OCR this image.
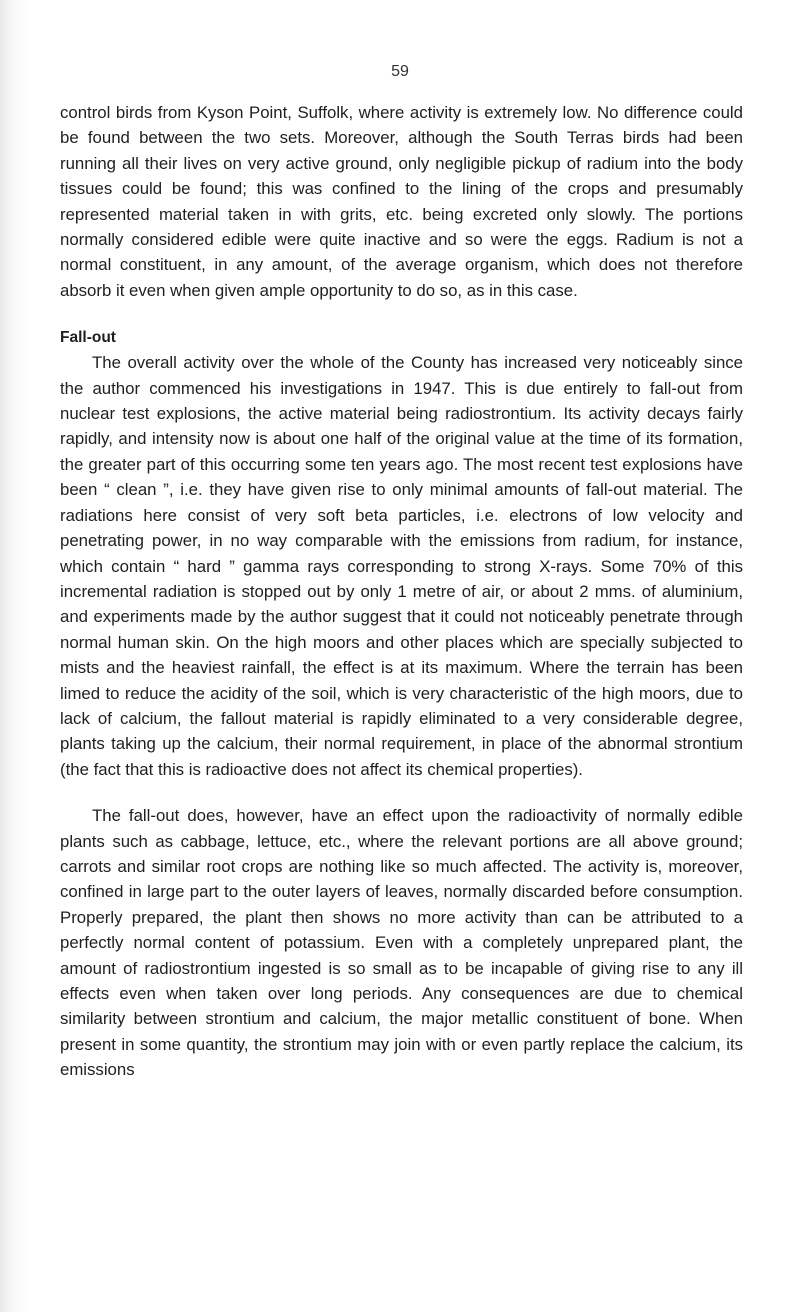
59

control birds from Kyson Point, Suffolk, where activity is extremely low. No difference could be found between the two sets. Moreover, although the South Terras birds had been running all their lives on very active ground, only negligible pickup of radium into the body tissues could be found; this was confined to the lining of the crops and presumably represented material taken in with grits, etc. being excreted only slowly. The portions normally considered edible were quite inactive and so were the eggs. Radium is not a normal constituent, in any amount, of the average organism, which does not therefore absorb it even when given ample opportunity to do so, as in this case.

Fall-out

The overall activity over the whole of the County has increased very noticeably since the author commenced his investigations in 1947. This is due entirely to fall-out from nuclear test explosions, the active material being radiostrontium. Its activity decays fairly rapidly, and intensity now is about one half of the original value at the time of its formation, the greater part of this occurring some ten years ago. The most recent test explosions have been “ clean ”, i.e. they have given rise to only minimal amounts of fall-out material. The radiations here consist of very soft beta particles, i.e. electrons of low velocity and penetrating power, in no way comparable with the emissions from radium, for instance, which contain “ hard ” gamma rays corresponding to strong X-rays. Some 70% of this incremental radiation is stopped out by only 1 metre of air, or about 2 mms. of aluminium, and experiments made by the author suggest that it could not noticeably penetrate through normal human skin. On the high moors and other places which are specially subjected to mists and the heaviest rainfall, the effect is at its maximum. Where the terrain has been limed to reduce the acidity of the soil, which is very characteristic of the high moors, due to lack of calcium, the fallout material is rapidly eliminated to a very considerable degree, plants taking up the calcium, their normal requirement, in place of the abnormal strontium (the fact that this is radioactive does not affect its chemical properties).

The fall-out does, however, have an effect upon the radioactivity of normally edible plants such as cabbage, lettuce, etc., where the relevant portions are all above ground; carrots and similar root crops are nothing like so much affected. The activity is, moreover, confined in large part to the outer layers of leaves, normally discarded before consumption. Properly prepared, the plant then shows no more activity than can be attributed to a perfectly normal content of potassium. Even with a completely unprepared plant, the amount of radiostrontium ingested is so small as to be incapable of giving rise to any ill effects even when taken over long periods. Any consequences are due to chemical similarity between strontium and calcium, the major metallic constituent of bone. When present in some quantity, the strontium may join with or even partly replace the calcium, its emissions
